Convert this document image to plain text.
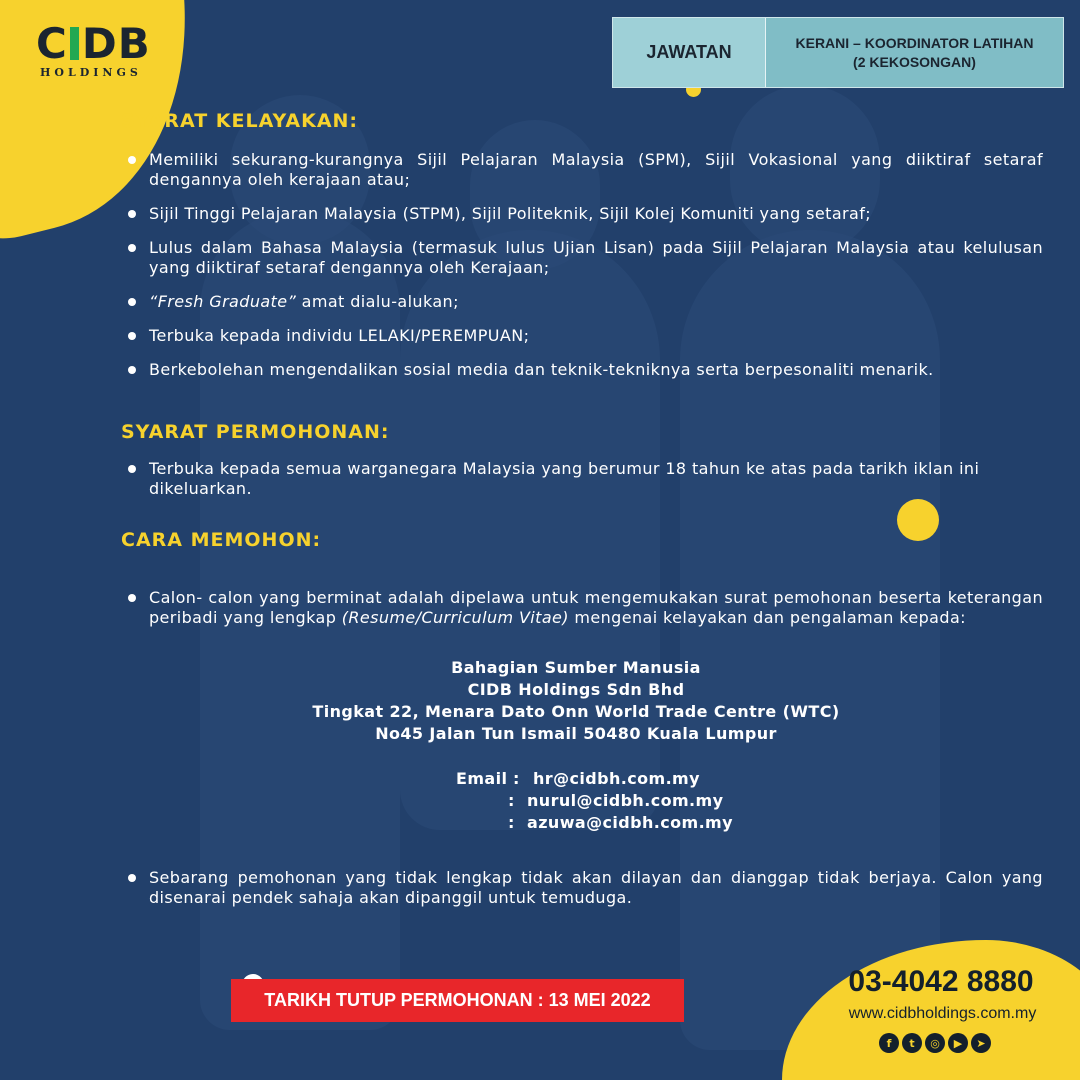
C DB
HOLDINGS
JAWATAN	KERANI – KOORDINATOR LATIHAN
(2 KEKOSONGAN)
SYARAT KELAYAKAN:
Memiliki sekurang-kurangnya Sijil Pelajaran Malaysia (SPM), Sijil Vokasional yang diiktiraf setaraf dengannya oleh kerajaan atau;
Sijil Tinggi Pelajaran Malaysia (STPM), Sijil Politeknik, Sijil Kolej Komuniti yang setaraf;
Lulus dalam Bahasa Malaysia (termasuk lulus Ujian Lisan) pada Sijil Pelajaran Malaysia atau kelulusan yang diiktiraf setaraf dengannya oleh Kerajaan;
“Fresh Graduate” amat dialu-alukan;
Terbuka kepada individu LELAKI/PEREMPUAN;
Berkebolehan mengendalikan sosial media dan teknik-tekniknya serta berpesonaliti menarik.
SYARAT PERMOHONAN:
Terbuka kepada semua warganegara Malaysia yang berumur 18 tahun ke atas pada tarikh iklan ini dikeluarkan.
CARA MEMOHON:
Calon- calon yang berminat adalah dipelawa untuk mengemukakan surat pemohonan beserta keterangan peribadi yang lengkap (Resume/Curriculum Vitae) mengenai kelayakan dan pengalaman kepada:
Bahagian Sumber Manusia
CIDB Holdings Sdn Bhd
Tingkat 22, Menara Dato Onn World Trade Centre (WTC)
No45 Jalan Tun Ismail 50480 Kuala Lumpur
Email : hr@cidbh.com.my
: nurul@cidbh.com.my
: azuwa@cidbh.com.my
Sebarang pemohonan yang tidak lengkap tidak akan dilayan dan dianggap tidak berjaya. Calon yang disenarai pendek sahaja akan dipanggil untuk temuduga.
TARIKH TUTUP PERMOHONAN : 13 MEI 2022
03-4042 8880
www.cidbholdings.com.my
f	t	◎	▶	➤
